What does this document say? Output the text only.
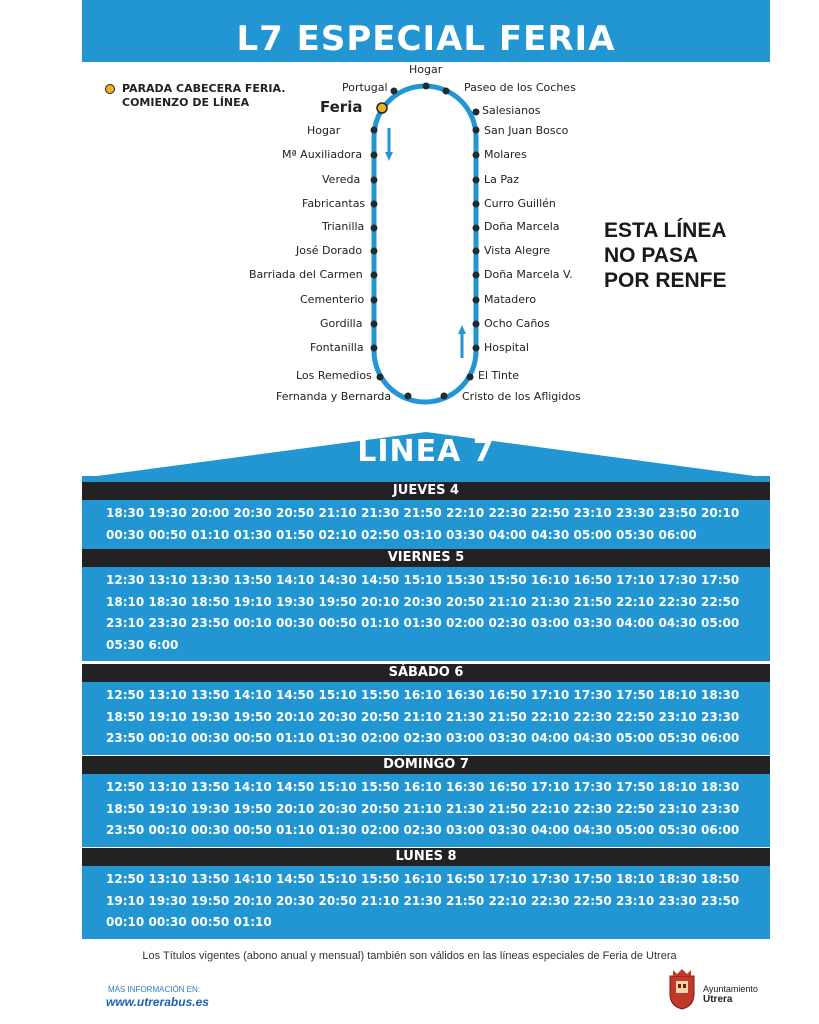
L7 ESPECIAL FERIA
Hogar
Portugal	Paseo de los Coches
Feria
Hogar
Mª Auxiliadora
Vereda
Fabricantas
Trianilla
José Dorado
Barriada del Carmen
Cementerio
Gordilla
Fontanilla
Los Remedios
Fernanda y Bernarda
Salesianos
San Juan Bosco
Molares
La Paz
Curro Guillén
Doña Marcela
Vista Alegre
Doña Marcela V.
Matadero
Ocho Caños
Hospital
El Tinte
Cristo de los Afligidos
PARADA CABECERA FERIA.
COMIENZO DE LÍNEA
ESTA LÍNEA
NO PASA
POR RENFE
LÍNEA 7
JUEVES 4
18:30 19:30 20:00 20:30 20:50 21:10 21:30 21:50 22:10 22:30 22:50 23:10 23:30 23:50 20:10
00:30 00:50 01:10 01:30 01:50 02:10 02:50 03:10 03:30 04:00 04:30 05:00 05:30 06:00
VIERNES 5
12:30 13:10 13:30 13:50 14:10 14:30 14:50 15:10 15:30 15:50 16:10 16:50 17:10 17:30 17:50
18:10 18:30 18:50 19:10 19:30 19:50 20:10 20:30 20:50 21:10 21:30 21:50 22:10 22:30 22:50
23:10 23:30 23:50 00:10 00:30 00:50 01:10 01:30 02:00 02:30 03:00 03:30 04:00 04:30 05:00
05:30 6:00
SÁBADO 6
12:50 13:10 13:50 14:10 14:50 15:10 15:50 16:10 16:30 16:50 17:10 17:30 17:50 18:10 18:30
18:50 19:10 19:30 19:50 20:10 20:30 20:50 21:10 21:30 21:50 22:10 22:30 22:50 23:10 23:30
23:50 00:10 00:30 00:50 01:10 01:30 02:00 02:30 03:00 03:30 04:00 04:30 05:00 05:30 06:00
DOMINGO 7
12:50 13:10 13:50 14:10 14:50 15:10 15:50 16:10 16:30 16:50 17:10 17:30 17:50 18:10 18:30
18:50 19:10 19:30 19:50 20:10 20:30 20:50 21:10 21:30 21:50 22:10 22:30 22:50 23:10 23:30
23:50 00:10 00:30 00:50 01:10 01:30 02:00 02:30 03:00 03:30 04:00 04:30 05:00 05:30 06:00
LUNES 8
12:50 13:10 13:50 14:10 14:50 15:10 15:50 16:10 16:50 17:10 17:30 17:50 18:10 18:30 18:50
19:10 19:30 19:50 20:10 20:30 20:50 21:10 21:30 21:50 22:10 22:30 22:50 23:10 23:30 23:50
00:10 00:30 00:50 01:10
Los Títulos vigentes (abono anual y mensual) también son válidos en las líneas especiales de Feria de Utrera
MÁS INFORMACIÓN EN:
www.utrerabus.es
Ayuntamiento
Utrera
